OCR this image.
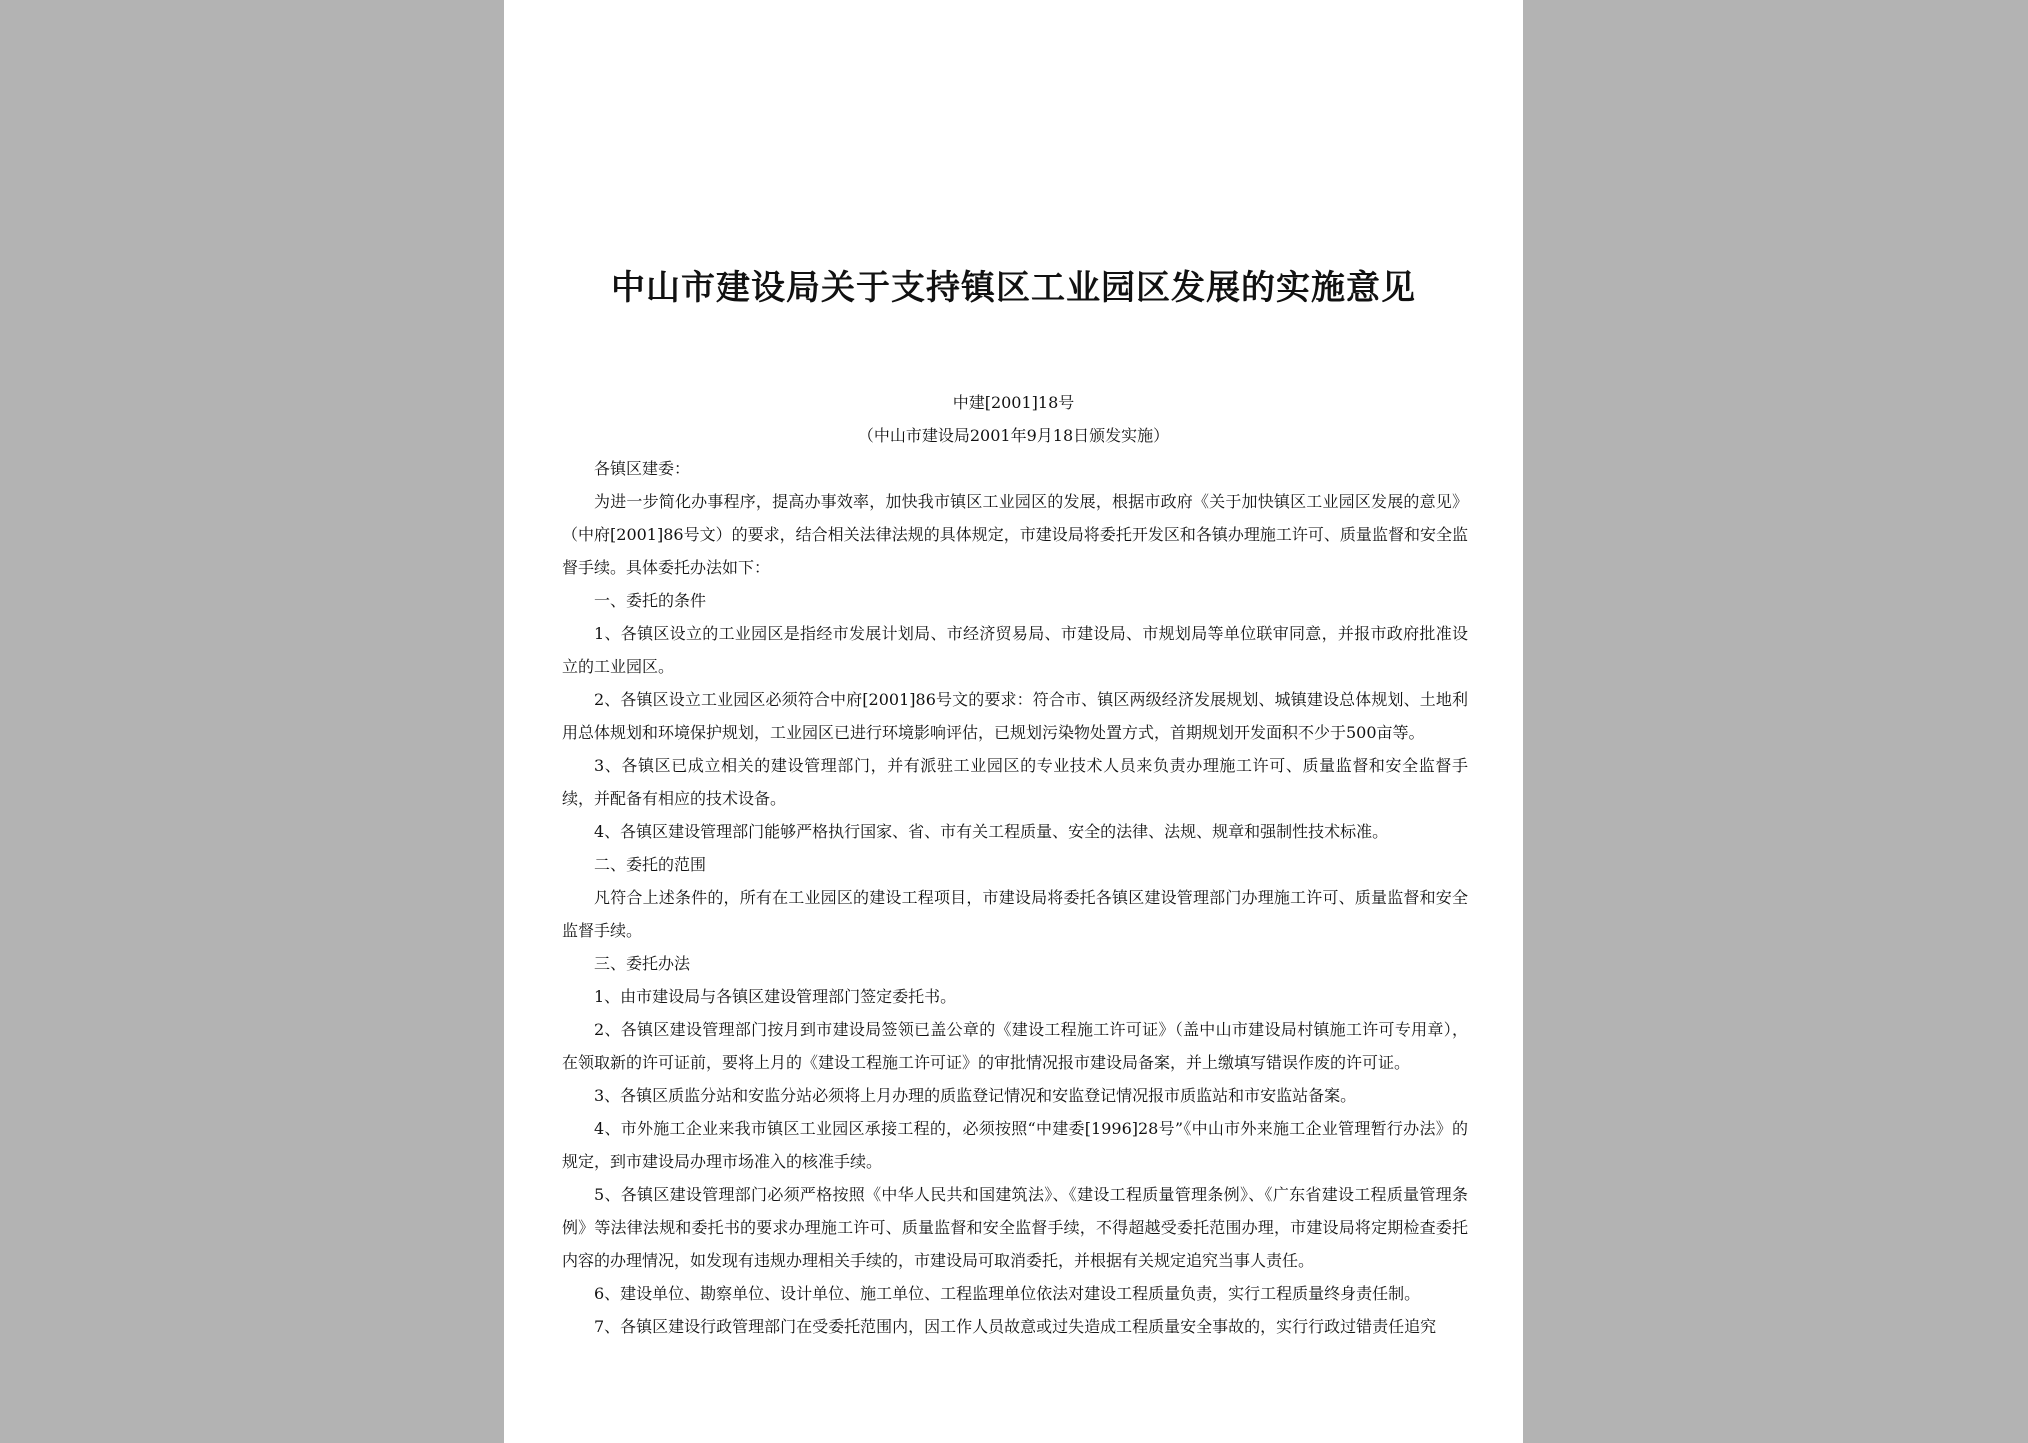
中山市建设局关于支持镇区工业园区发展的实施意见
中建[2001]18号
（中山市建设局2001年9月18日颁发实施）

各镇区建委：

为进一步简化办事程序，提高办事效率，加快我市镇区工业园区的发展，根据市政府《关于加快镇区工业园区发展的意见》（中府[2001]86号文）的要求，结合相关法律法规的具体规定，市建设局将委托开发区和各镇办理施工许可、质量监督和安全监督手续。具体委托办法如下：

一、委托的条件

1、各镇区设立的工业园区是指经市发展计划局、市经济贸易局、市建设局、市规划局等单位联审同意，并报市政府批准设立的工业园区。

2、各镇区设立工业园区必须符合中府[2001]86号文的要求：符合市、镇区两级经济发展规划、城镇建设总体规划、土地利用总体规划和环境保护规划，工业园区已进行环境影响评估，已规划污染物处置方式，首期规划开发面积不少于500亩等。

3、各镇区已成立相关的建设管理部门，并有派驻工业园区的专业技术人员来负责办理施工许可、质量监督和安全监督手续，并配备有相应的技术设备。

4、各镇区建设管理部门能够严格执行国家、省、市有关工程质量、安全的法律、法规、规章和强制性技术标准。

二、委托的范围

凡符合上述条件的，所有在工业园区的建设工程项目，市建设局将委托各镇区建设管理部门办理施工许可、质量监督和安全监督手续。

三、委托办法

1、由市建设局与各镇区建设管理部门签定委托书。

2、各镇区建设管理部门按月到市建设局签领已盖公章的《建设工程施工许可证》（盖中山市建设局村镇施工许可专用章），在领取新的许可证前，要将上月的《建设工程施工许可证》的审批情况报市建设局备案，并上缴填写错误作废的许可证。

3、各镇区质监分站和安监分站必须将上月办理的质监登记情况和安监登记情况报市质监站和市安监站备案。

4、市外施工企业来我市镇区工业园区承接工程的，必须按照“中建委[1996]28号”《中山市外来施工企业管理暂行办法》的规定，到市建设局办理市场准入的核准手续。

5、各镇区建设管理部门必须严格按照《中华人民共和国建筑法》、《建设工程质量管理条例》、《广东省建设工程质量管理条例》等法律法规和委托书的要求办理施工许可、质量监督和安全监督手续，不得超越受委托范围办理，市建设局将定期检查委托内容的办理情况，如发现有违规办理相关手续的，市建设局可取消委托，并根据有关规定追究当事人责任。

6、建设单位、勘察单位、设计单位、施工单位、工程监理单位依法对建设工程质量负责，实行工程质量终身责任制。

7、各镇区建设行政管理部门在受委托范围内，因工作人员故意或过失造成工程质量安全事故的，实行行政过错责任追究
